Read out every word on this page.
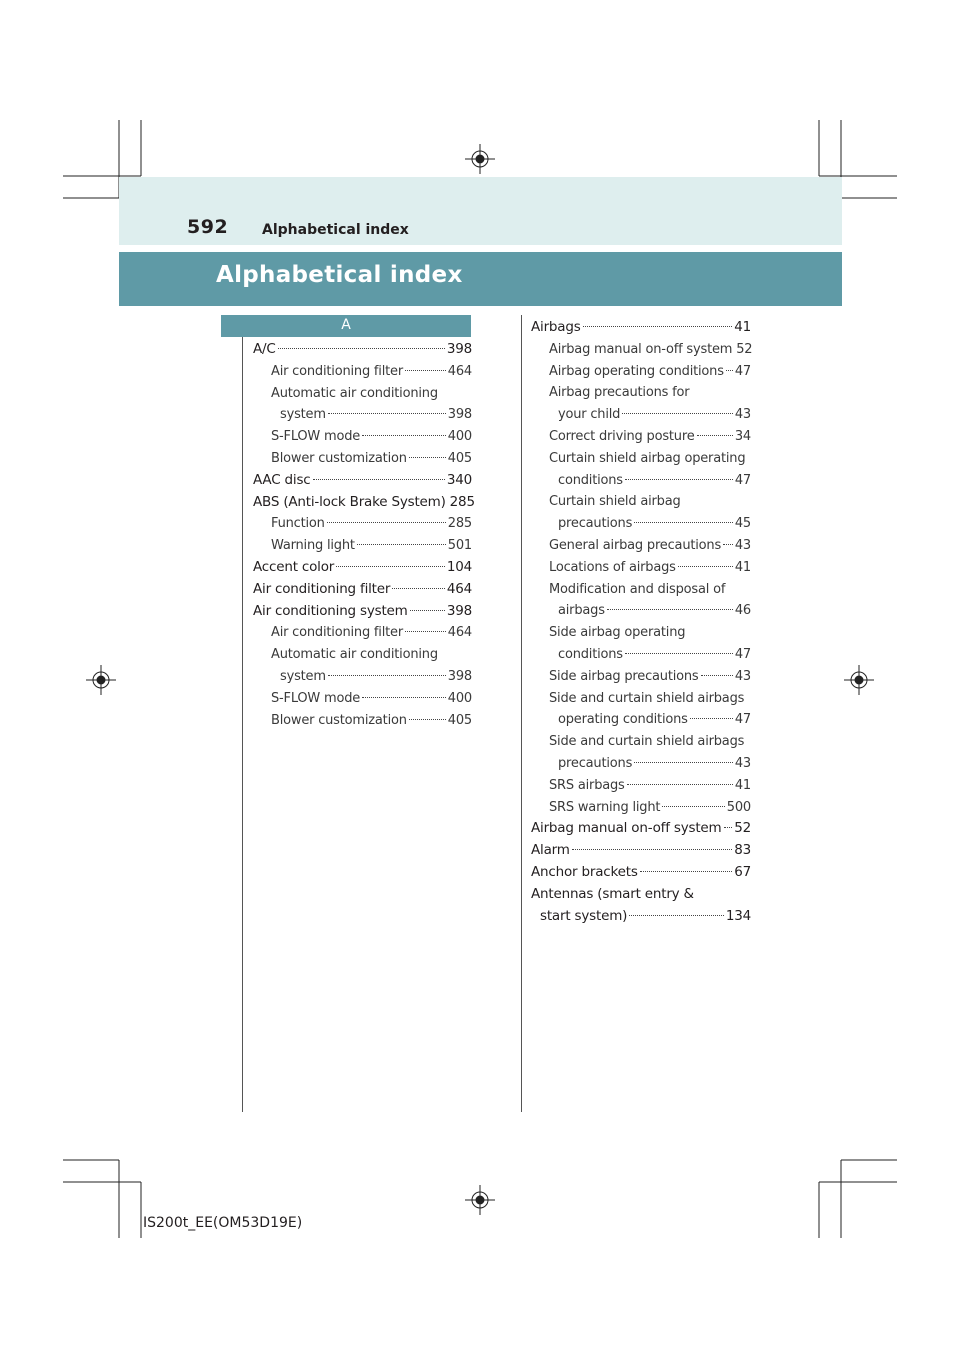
592 Alphabetical index
Alphabetical index
A
A/C	398
Air conditioning filter	464
Automatic air conditioning
system	398
S-FLOW mode	400
Blower customization	405
AAC disc	340
ABS (Anti-lock Brake System) 285
Function	285
Warning light	501
Accent color	104
Air conditioning filter	464
Air conditioning system	398
Air conditioning filter	464
Automatic air conditioning
system	398
S-FLOW mode	400
Blower customization	405
Airbags	41
Airbag manual on-off system 52
Airbag operating conditions 47
Airbag precautions for
your child	43
Correct driving posture	34
Curtain shield airbag operating
conditions	47
Curtain shield airbag
precautions	45
General airbag precautions 43
Locations of airbags	41
Modification and disposal of
airbags	46
Side airbag operating
conditions	47
Side airbag precautions	43
Side and curtain shield airbags
operating conditions	47
Side and curtain shield airbags
precautions	43
SRS airbags	41
SRS warning light	500
Airbag manual on-off system 52
Alarm	83
Anchor brackets	67
Antennas (smart entry &
start system)	134
IS200t_EE(OM53D19E)
